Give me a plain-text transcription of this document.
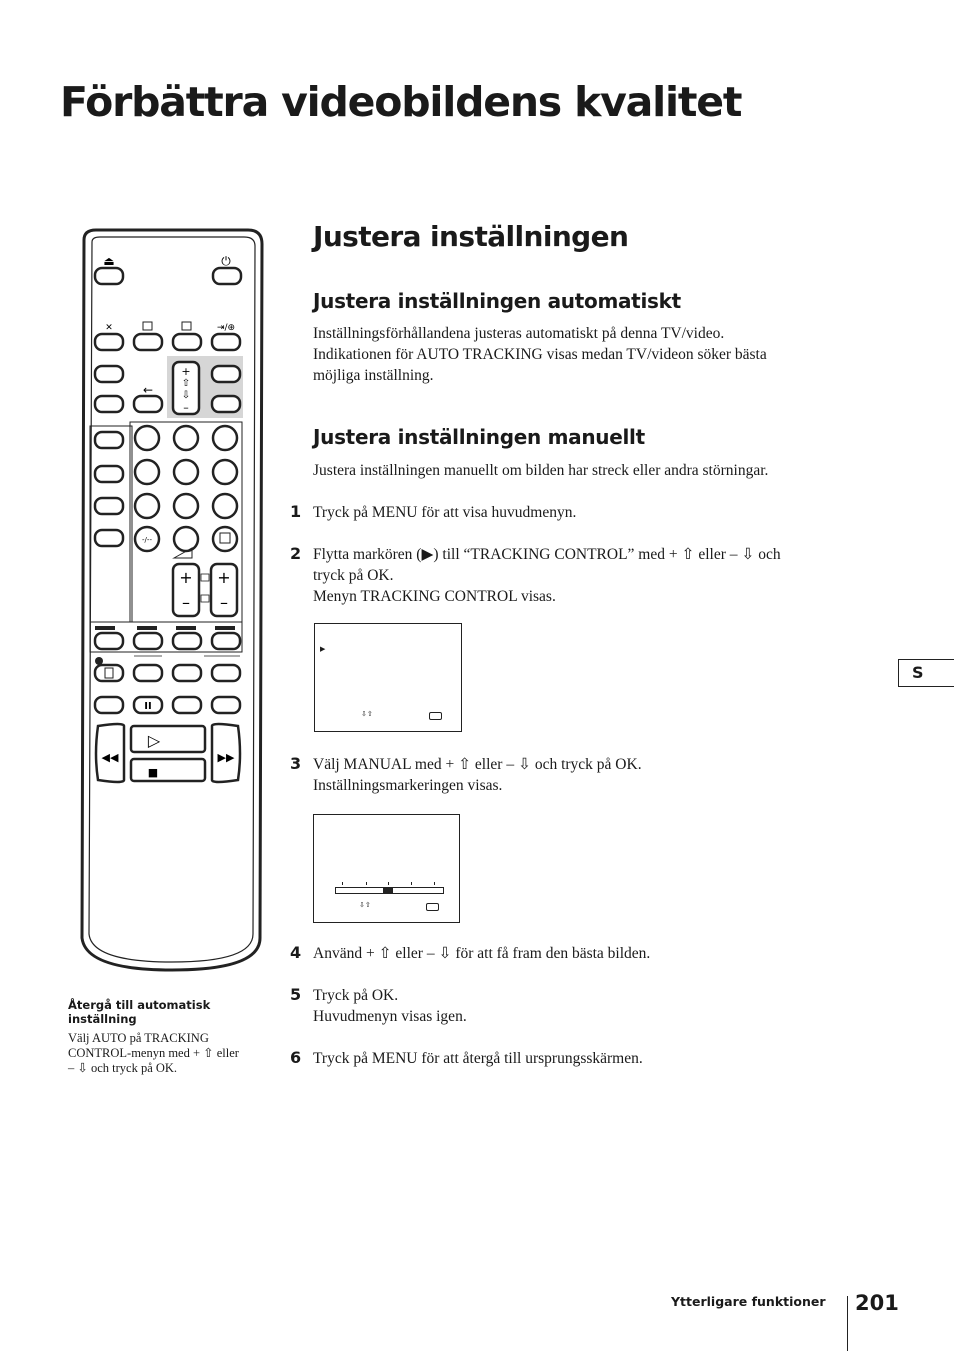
Förbättra videobildens kvalitet
⏏	⏻
✕	⇥/⊕
+
⇧
⇩
–
←
-/--
+
–
+
–
II
◀◀
▷
■
▶▶
Justera inställningen
Justera inställningen automatiskt

Inställningsförhållandena justeras automatiskt på denna TV/video.
Indikationen för AUTO TRACKING visas medan TV/videon söker bästa
möjliga inställning.

Justera inställningen manuellt

Justera inställningen manuellt om bilden har streck eller andra störningar.

1 Tryck på MENU för att visa huvudmenyn.
2 Flytta markören (▶) till “TRACKING CONTROL” med + ⇧ eller – ⇩ och
tryck på OK.
Menyn TRACKING CONTROL visas.
▶
⇩⇧
3 Välj MANUAL med + ⇧ eller – ⇩ och tryck på OK.
Inställningsmarkeringen visas.
⇩⇧
4 Använd + ⇧ eller – ⇩ för att få fram den bästa bilden.
5 Tryck på OK.
Huvudmenyn visas igen.
6 Tryck på MENU för att återgå till ursprungsskärmen.
S
Återgå till automatisk inställning
Välj AUTO på TRACKING
CONTROL-menyn med + ⇧ eller
– ⇩ och tryck på OK.
Ytterligare funktioner 201
